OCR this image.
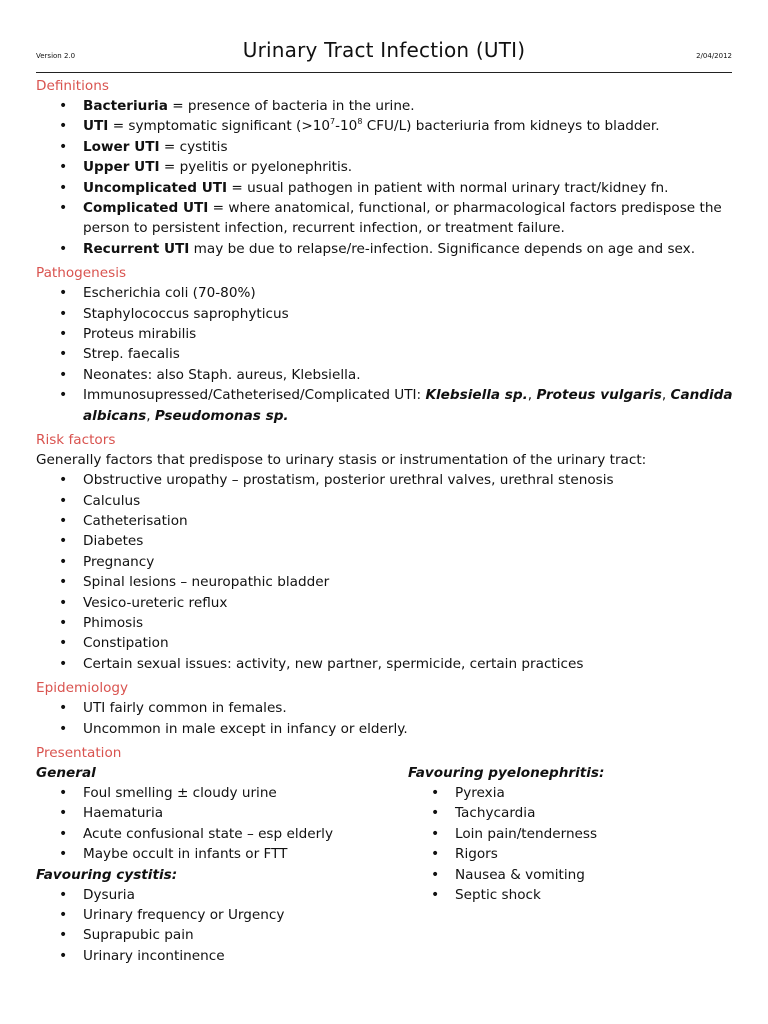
Version 2.0	Urinary Tract Infection (UTI)	2/04/2012
Definitions
• Bacteriuria = presence of bacteria in the urine.
• UTI = symptomatic significant ($>10^7-10^8$ CFU/L) bacteriuria from kidneys to bladder.
• Lower UTI = cystitis
• Upper UTI = pyelitis or pyelonephritis.
• Uncomplicated UTI = usual pathogen in patient with normal urinary tract/kidney fn.
• Complicated UTI = where anatomical, functional, or pharmacological factors predispose the person to persistent infection, recurrent infection, or treatment failure.
• Recurrent UTI may be due to relapse/re-infection. Significance depends on age and sex.
Pathogenesis
• Escherichia coli (70-80%)
• Staphylococcus saprophyticus
• Proteus mirabilis
• Strep. faecalis
• Neonates: also Staph. aureus, Klebsiella.
• Immunosupressed/Catheterised/Complicated UTI: Klebsiella sp., Proteus vulgaris, Candida albicans, Pseudomonas sp.
Risk factors
Generally factors that predispose to urinary stasis or instrumentation of the urinary tract:
• Obstructive uropathy – prostatism, posterior urethral valves, urethral stenosis
• Calculus
• Catheterisation
• Diabetes
• Pregnancy
• Spinal lesions – neuropathic bladder
• Vesico-ureteric reflux
• Phimosis
• Constipation
• Certain sexual issues: activity, new partner, spermicide, certain practices
Epidemiology
• UTI fairly common in females.
• Uncommon in male except in infancy or elderly.
Presentation
General
• Foul smelling ± cloudy urine
• Haematuria
• Acute confusional state – esp elderly
• Maybe occult in infants or FTT
Favouring cystitis:
• Dysuria
• Urinary frequency or Urgency
• Suprapubic pain
• Urinary incontinence
Favouring pyelonephritis:
• Pyrexia
• Tachycardia
• Loin pain/tenderness
• Rigors
• Nausea & vomiting
• Septic shock
